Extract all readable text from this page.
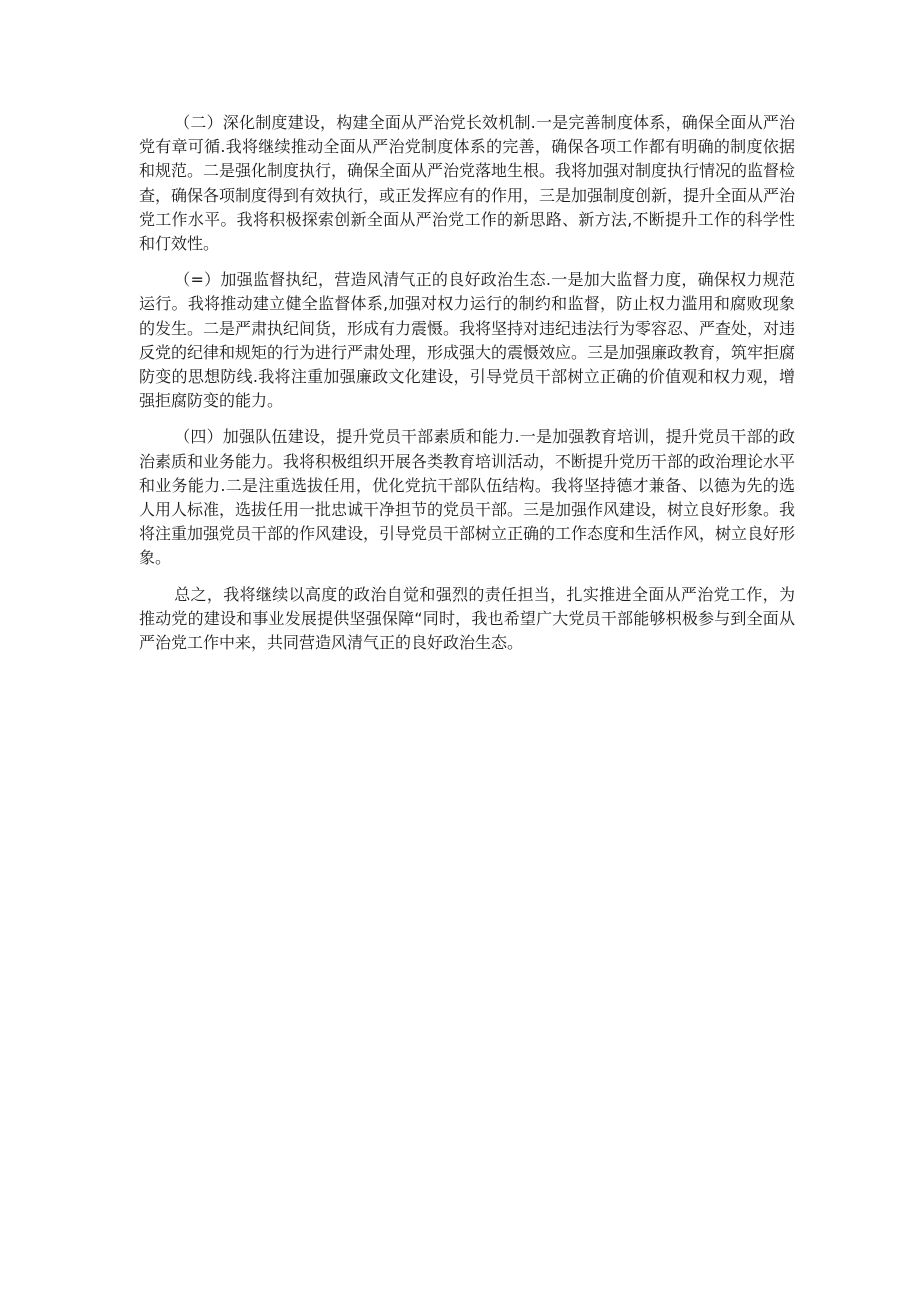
（二）深化制度建设，构建全面从严治党长效机制.一是完善制度体系，确保全面从严治党有章可循.我将继续推动全面从严治党制度体系的完善，确保各项工作都有明确的制度依据和规范。二是强化制度执行，确保全面从严治党落地生根。我将加强对制度执行情况的监督检查，确保各项制度得到有效执行，或正发挥应有的作用，三是加强制度创新，提升全面从严治党工作水平。我将积极探索创新全面从严治党工作的新思路、新方法,不断提升工作的科学性和仃效性。

（=）加强监督执纪，营造风清气正的良好政治生态.一是加大监督力度，确保权力规范运行。我将推动建立健全监督体系,加强对权力运行的制约和监督，防止权力滥用和腐败现象的发生。二是严肃执纪间货，形成有力震慑。我将坚持对违纪违法行为零容忍、严查处，对违反党的纪律和规矩的行为进行严肃处理，形成强大的震慑效应。三是加强廉政教育，筑牢拒腐防变的思想防线.我将注重加强廉政文化建设，引导党员干部树立正确的价值观和权力观，增强拒腐防变的能力。

（四）加强队伍建设，提升党员干部素质和能力.一是加强教育培训，提升党员干部的政治素质和业务能力。我将积极组织开展各类教育培训活动，不断提升党历干部的政治理论水平和业务能力.二是注重选拔任用，优化党抗干部队伍结构。我将坚持德才兼备、以德为先的选人用人标准，选拔任用一批忠诚干净担节的党员干部。三是加强作风建设，树立良好形象。我将注重加强党员干部的作风建设，引导党员干部树立正确的工作态度和生活作风，树立良好形象。

总之，我将继续以高度的政治自觉和强烈的责任担当，扎实推进全面从严治党工作，为推动党的建设和事业发展提供坚强保障“同时，我也希望广大党员干部能够枳极参与到全面从严治党工作中来，共同营造风清气正的良好政治生态。
